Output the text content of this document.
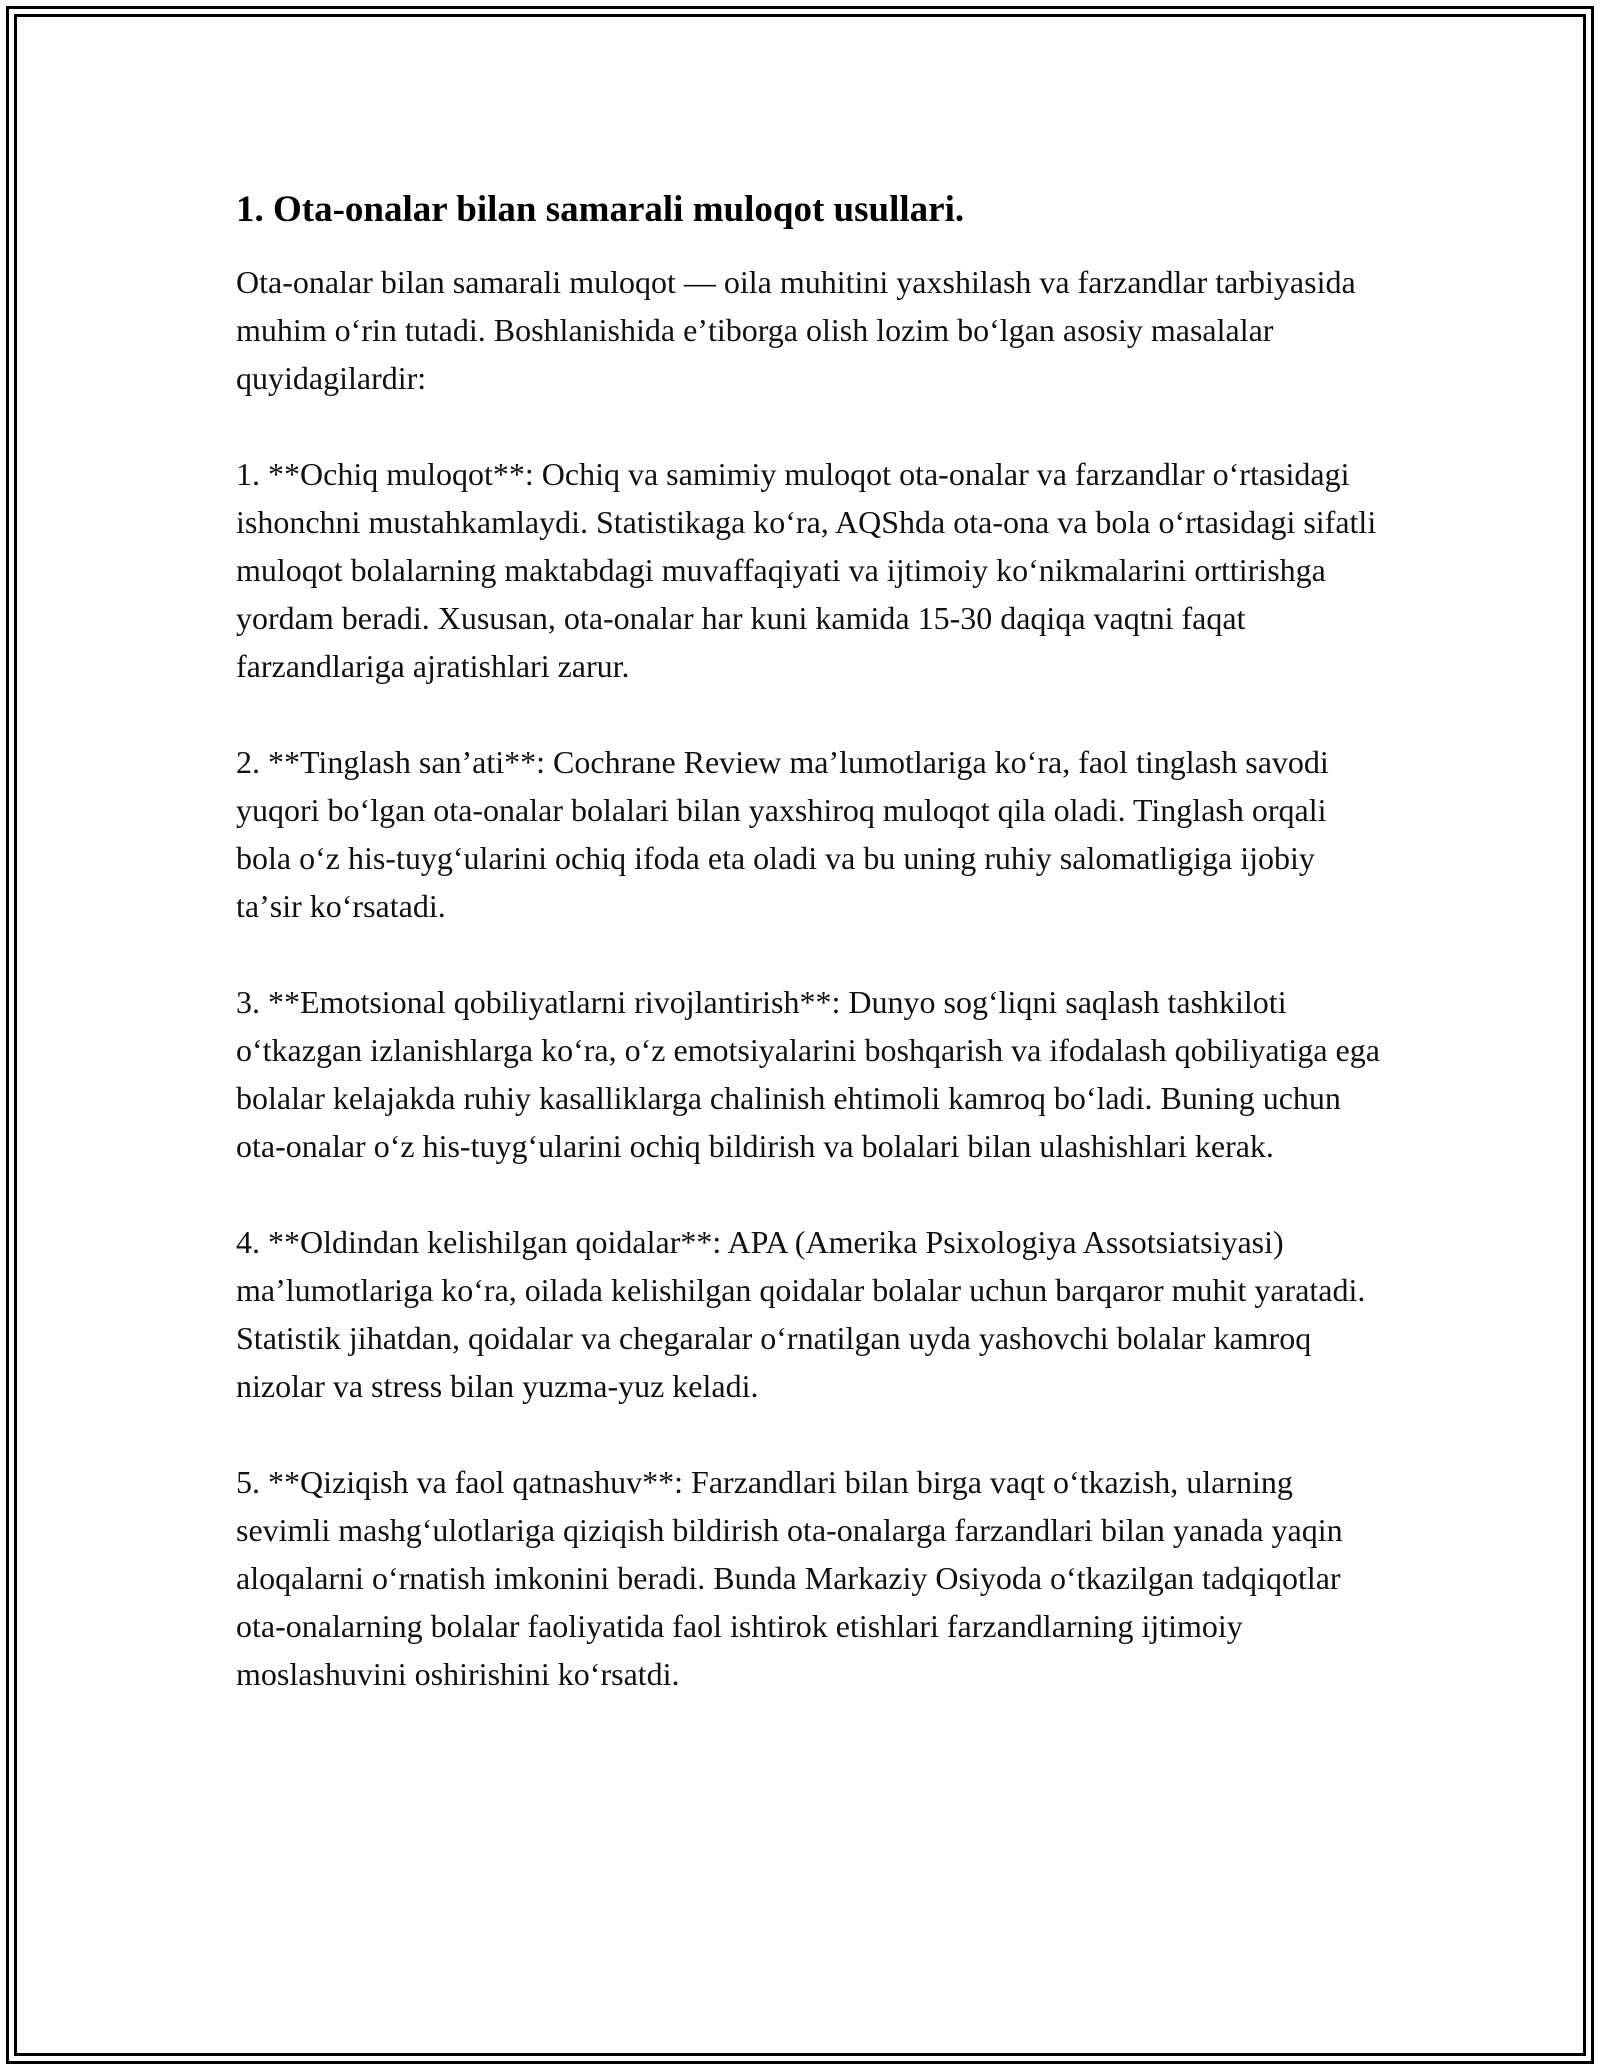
1. Ota-onalar bilan samarali muloqot usullari.

Ota-onalar bilan samarali muloqot — oila muhitini yaxshilash va farzandlar tarbiyasida muhim oʻrin tutadi. Boshlanishida eʼtiborga olish lozim boʻlgan asosiy masalalar quyidagilardir:

1. **Ochiq muloqot**: Ochiq va samimiy muloqot ota-onalar va farzandlar oʻrtasidagi ishonchni mustahkamlaydi. Statistikaga koʻra, AQShda ota-ona va bola oʻrtasidagi sifatli muloqot bolalarning maktabdagi muvaffaqiyati va ijtimoiy koʻnikmalarini orttirishga yordam beradi. Xususan, ota-onalar har kuni kamida 15-30 daqiqa vaqtni faqat farzandlariga ajratishlari zarur.

2. **Tinglash sanʼati**: Cochrane Review maʼlumotlariga koʻra, faol tinglash savodi yuqori boʻlgan ota-onalar bolalari bilan yaxshiroq muloqot qila oladi. Tinglash orqali bola oʻz his-tuygʻularini ochiq ifoda eta oladi va bu uning ruhiy salomatligiga ijobiy taʼsir koʻrsatadi.

3. **Emotsional qobiliyatlarni rivojlantirish**: Dunyo sogʻliqni saqlash tashkiloti oʻtkazgan izlanishlarga koʻra, oʻz emotsiyalarini boshqarish va ifodalash qobiliyatiga ega bolalar kelajakda ruhiy kasalliklarga chalinish ehtimoli kamroq boʻladi. Buning uchun ota-onalar oʻz his-tuygʻularini ochiq bildirish va bolalari bilan ulashishlari kerak.

4. **Oldindan kelishilgan qoidalar**: APA (Amerika Psixologiya Assotsiatsiyasi) maʼlumotlariga koʻra, oilada kelishilgan qoidalar bolalar uchun barqaror muhit yaratadi. Statistik jihatdan, qoidalar va chegaralar oʻrnatilgan uyda yashovchi bolalar kamroq nizolar va stress bilan yuzma-yuz keladi.

5. **Qiziqish va faol qatnashuv**: Farzandlari bilan birga vaqt oʻtkazish, ularning sevimli mashgʻulotlariga qiziqish bildirish ota-onalarga farzandlari bilan yanada yaqin aloqalarni oʻrnatish imkonini beradi. Bunda Markaziy Osiyoda oʻtkazilgan tadqiqotlar ota-onalarning bolalar faoliyatida faol ishtirok etishlari farzandlarning ijtimoiy moslashuvini oshirishini koʻrsatdi.
